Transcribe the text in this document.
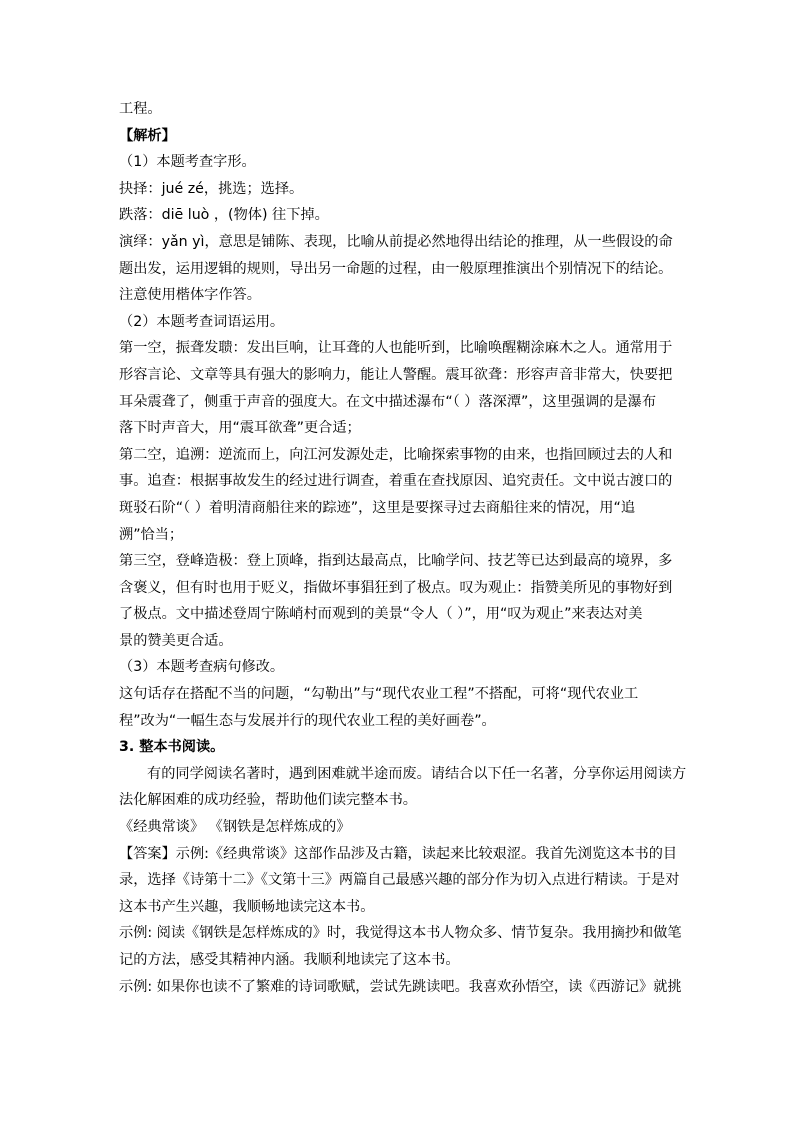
工程。
【解析】
（1）本题考查字形。
抉择：jué zé，挑选；选择。
跌落：diē luò ，(物体) 往下掉。
演绎：yǎn yì，意思是铺陈、表现，比喻从前提必然地得出结论的推理，从一些假设的命
题出发，运用逻辑的规则，导出另一命题的过程，由一般原理推演出个别情况下的结论。
注意使用楷体字作答。
（2）本题考查词语运用。
第一空，振聋发聩：发出巨响，让耳聋的人也能听到，比喻唤醒糊涂麻木之人。通常用于
形容言论、文章等具有强大的影响力，能让人警醒。震耳欲聋：形容声音非常大，快要把
耳朵震聋了，侧重于声音的强度大。在文中描述瀑布“（ ）落深潭”，这里强调的是瀑布
落下时声音大，用“震耳欲聋”更合适；
第二空，追溯：逆流而上，向江河发源处走，比喻探索事物的由来，也指回顾过去的人和
事。追查：根据事故发生的经过进行调查，着重在查找原因、追究责任。文中说古渡口的
斑驳石阶“（ ）着明清商船往来的踪迹”，这里是要探寻过去商船往来的情况，用“追
溯”恰当；
第三空，登峰造极：登上顶峰，指到达最高点，比喻学问、技艺等已达到最高的境界，多
含褒义，但有时也用于贬义，指做坏事猖狂到了极点。叹为观止：指赞美所见的事物好到
了极点。文中描述登周宁陈峭村而观到的美景“令人（ ）”，用“叹为观止”来表达对美
景的赞美更合适。
（3）本题考查病句修改。
这句话存在搭配不当的问题，“勾勒出”与“现代农业工程”不搭配，可将“现代农业工
程”改为“一幅生态与发展并行的现代农业工程的美好画卷”。
3. 整本书阅读。
有的同学阅读名著时，遇到困难就半途而废。请结合以下任一名著，分享你运用阅读方
法化解困难的成功经验，帮助他们读完整本书。
《经典常谈》 《钢铁是怎样炼成的》
【答案】示例:《经典常谈》这部作品涉及古籍，读起来比较艰涩。我首先浏览这本书的目
录，选择《诗第十二》《文第十三》两篇自己最感兴趣的部分作为切入点进行精读。于是对
这本书产生兴趣，我顺畅地读完这本书。
示例: 阅读《钢铁是怎样炼成的》时，我觉得这本书人物众多、情节复杂。我用摘抄和做笔
记的方法，感受其精神内涵。我顺利地读完了这本书。
示例: 如果你也读不了繁难的诗词歌赋，尝试先跳读吧。我喜欢孙悟空，读《西游记》就挑
